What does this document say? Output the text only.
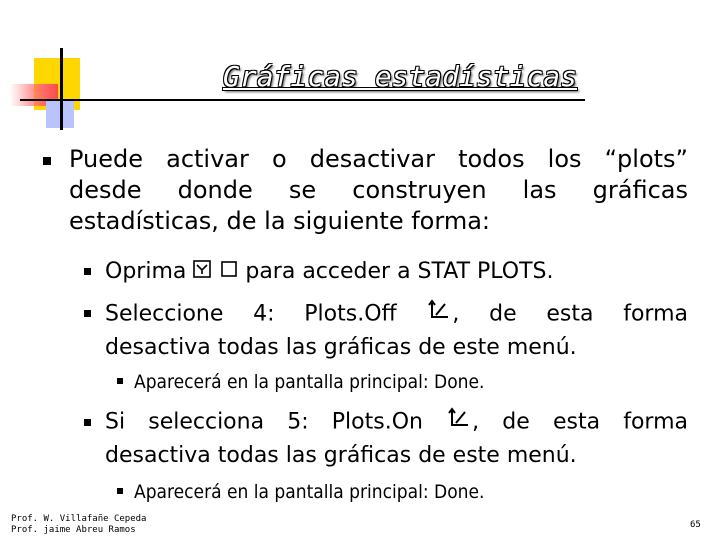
Gráficas estadísticas
Puede activar o desactivar todos los “plots”
desde donde se construyen las gráficas
estadísticas, de la siguiente forma:
Oprima	para acceder a STAT PLOTS.
Seleccione 4: Plots.Off	, de esta forma
desactiva todas las gráficas de este menú.
Aparecerá en la pantalla principal: Done.
Si selecciona 5: Plots.On , de esta forma
desactiva todas las gráficas de este menú.
Aparecerá en la pantalla principal: Done.
Prof. W. Villafañe Cepeda
Prof. jaime Abreu Ramos	65
